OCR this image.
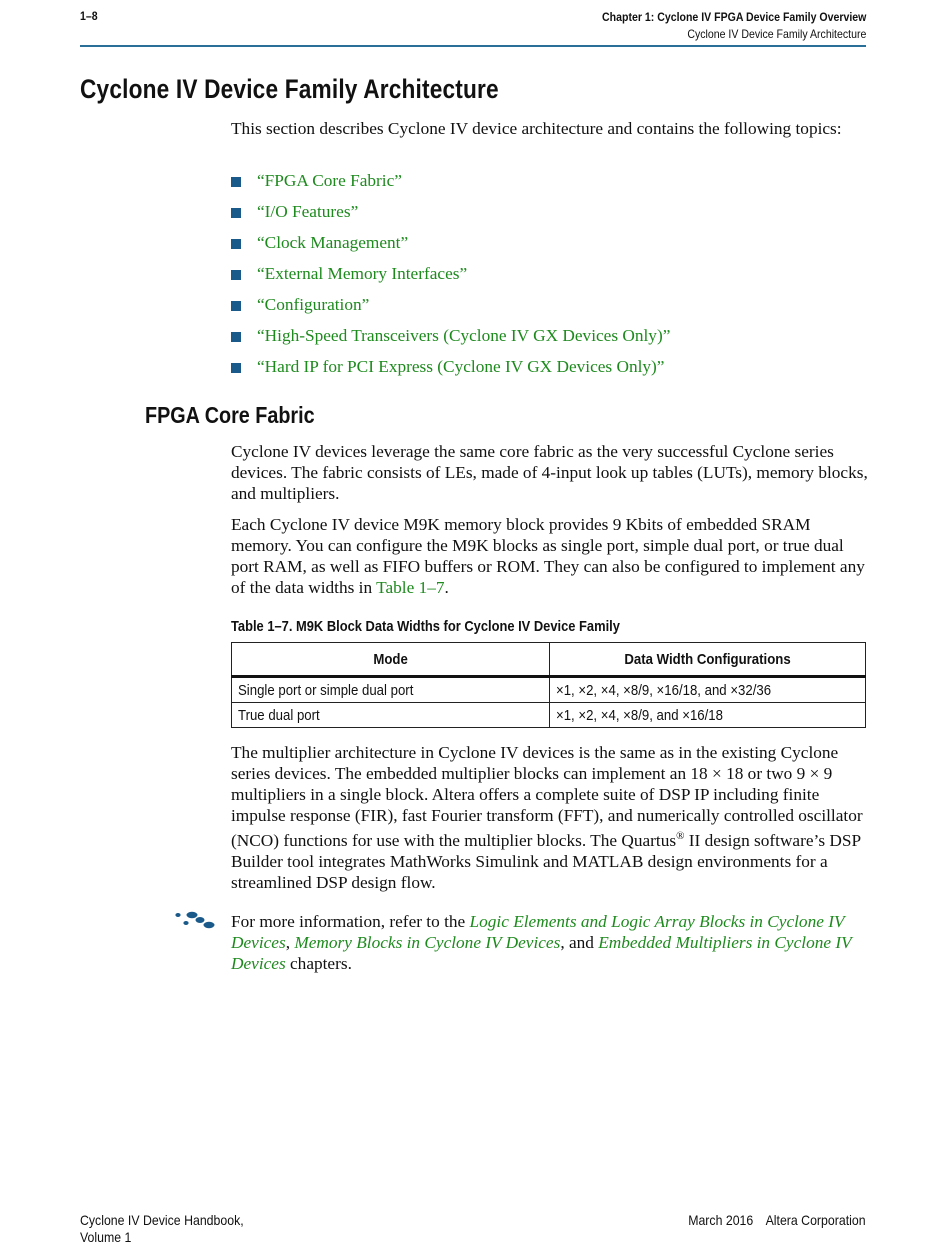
1–8	Chapter 1: Cyclone IV FPGA Device Family Overview
Cyclone IV Device Family Architecture
Cyclone IV Device Family Architecture

This section describes Cyclone IV device architecture and contains the following topics:

“FPGA Core Fabric”
“I/O Features”
“Clock Management”
“External Memory Interfaces”
“Configuration”
“High-Speed Transceivers (Cyclone IV GX Devices Only)”
“Hard IP for PCI Express (Cyclone IV GX Devices Only)”
FPGA Core Fabric

Cyclone IV devices leverage the same core fabric as the very successful Cyclone series devices. The fabric consists of LEs, made of 4-input look up tables (LUTs), memory blocks, and multipliers.

Each Cyclone IV device M9K memory block provides 9 Kbits of embedded SRAM memory. You can configure the M9K blocks as single port, simple dual port, or true dual port RAM, as well as FIFO buffers or ROM. They can also be configured to implement any of the data widths in Table 1–7.

Table 1–7. M9K Block Data Widths for Cyclone IV Device Family
Mode	Data Width Configurations
Single port or simple dual port	×1, ×2, ×4, ×8/9, ×16/18, and ×32/36
True dual port	×1, ×2, ×4, ×8/9, and ×16/18

The multiplier architecture in Cyclone IV devices is the same as in the existing Cyclone series devices. The embedded multiplier blocks can implement an 18 × 18 or two 9 × 9 multipliers in a single block. Altera offers a complete suite of DSP IP including finite impulse response (FIR), fast Fourier transform (FFT), and numerically controlled oscillator (NCO) functions for use with the multiplier blocks. The Quartus® II design software’s DSP Builder tool integrates MathWorks Simulink and MATLAB design environments for a streamlined DSP design flow.

For more information, refer to the Logic Elements and Logic Array Blocks in Cyclone IV Devices, Memory Blocks in Cyclone IV Devices, and Embedded Multipliers in Cyclone IV Devices chapters.

Cyclone IV Device Handbook,
Volume 1
March 2016 Altera Corporation
